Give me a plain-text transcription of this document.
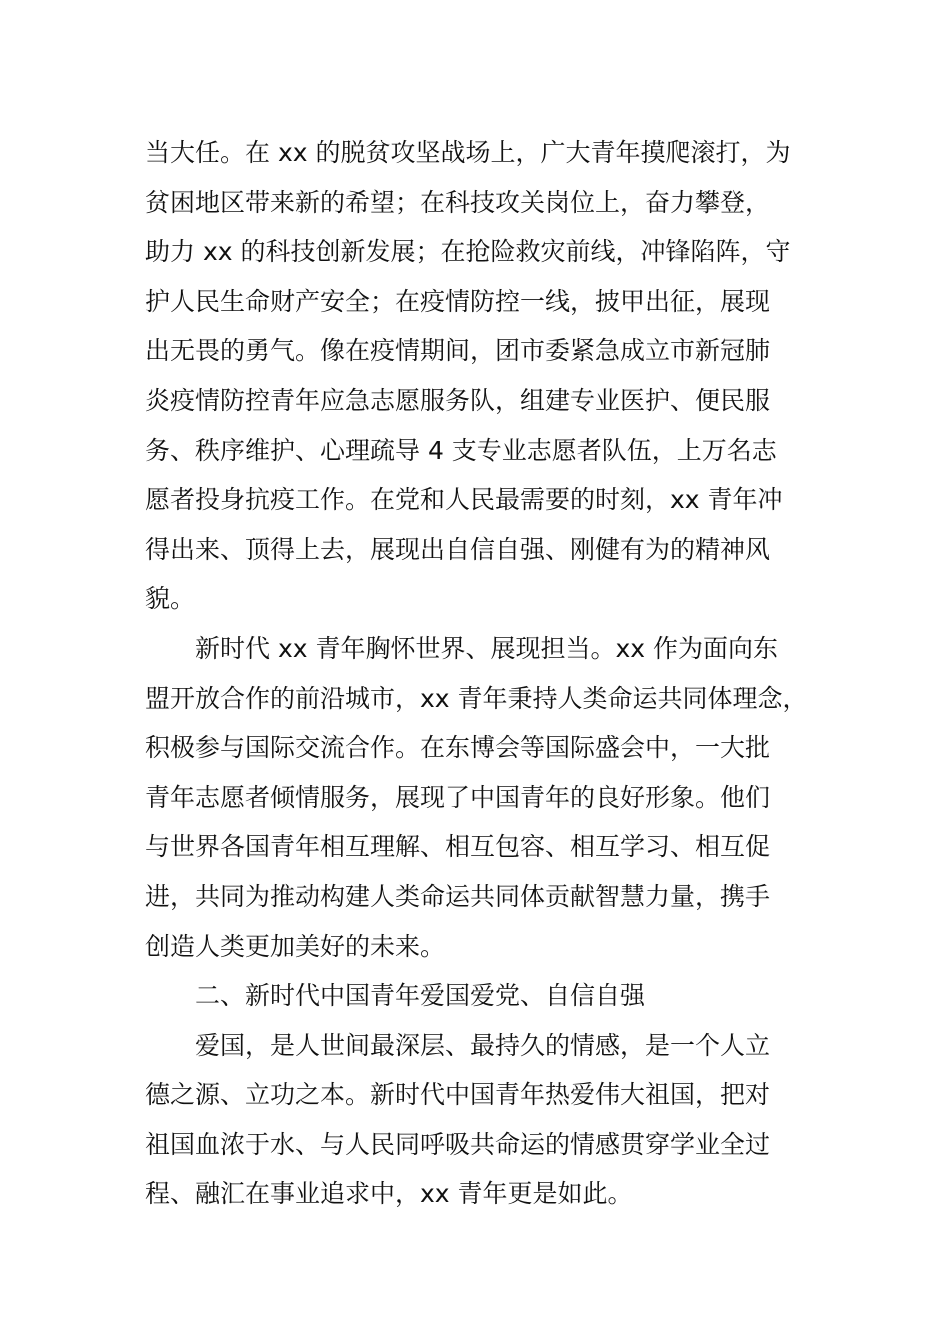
当大任。在 xx 的脱贫攻坚战场上，广大青年摸爬滚打，为
贫困地区带来新的希望；在科技攻关岗位上，奋力攀登，
助力 xx 的科技创新发展；在抢险救灾前线，冲锋陷阵，守
护人民生命财产安全；在疫情防控一线，披甲出征，展现
出无畏的勇气。像在疫情期间，团市委紧急成立市新冠肺
炎疫情防控青年应急志愿服务队，组建专业医护、便民服
务、秩序维护、心理疏导 4 支专业志愿者队伍，上万名志
愿者投身抗疫工作。在党和人民最需要的时刻，xx 青年冲
得出来、顶得上去，展现出自信自强、刚健有为的精神风
貌。
新时代 xx 青年胸怀世界、展现担当。xx 作为面向东
盟开放合作的前沿城市，xx 青年秉持人类命运共同体理念，
积极参与国际交流合作。在东博会等国际盛会中，一大批
青年志愿者倾情服务，展现了中国青年的良好形象。他们
与世界各国青年相互理解、相互包容、相互学习、相互促
进，共同为推动构建人类命运共同体贡献智慧力量，携手
创造人类更加美好的未来。
二、新时代中国青年爱国爱党、自信自强
爱国，是人世间最深层、最持久的情感，是一个人立
德之源、立功之本。新时代中国青年热爱伟大祖国，把对
祖国血浓于水、与人民同呼吸共命运的情感贯穿学业全过
程、融汇在事业追求中，xx 青年更是如此。
